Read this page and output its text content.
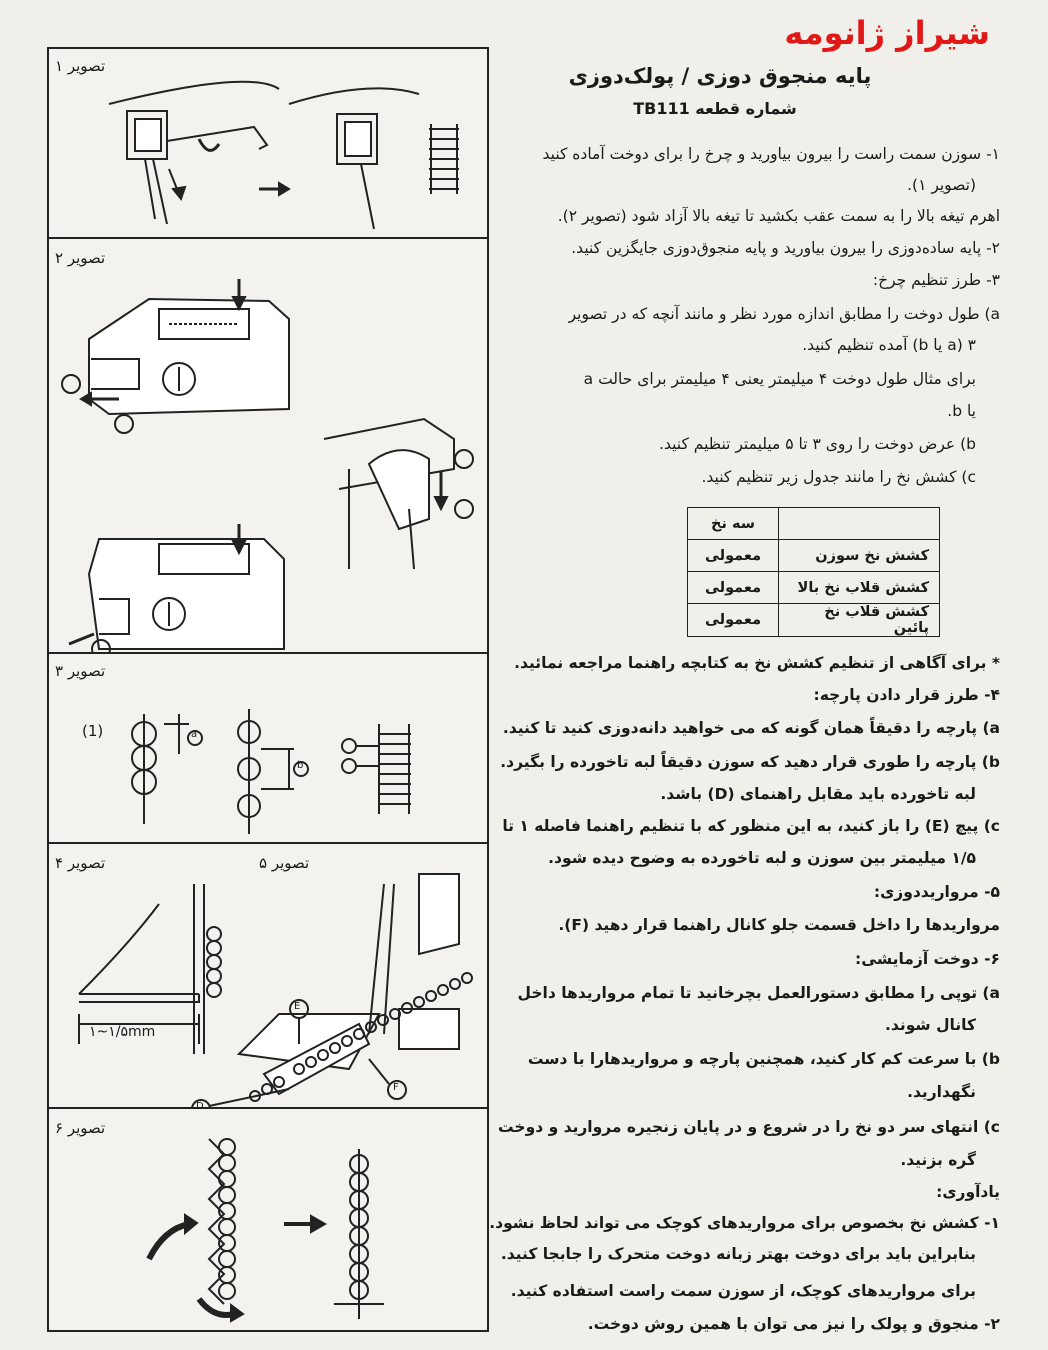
تصویر ۱
تصویر ۲
تصویر ۳
(1)	a
b
تصویر ۴	تصویر ۵
۱~۱/۵mm
E
D
F
تصویر ۶
شیراز ژانومه
پایه منجوق دوزی / پولک‌دوزی
شماره قطعه TB111
۱- سوزن سمت راست را بیرون بیاورید و چرخ را برای دوخت آماده کنید
(تصویر ۱).
اهرم تیغه بالا را به سمت عقب بکشید تا تیغه بالا آزاد شود (تصویر ۲).
۲- پایه ساده‌دوزی را بیرون بیاورید و پایه منجوق‌دوزی جایگزین کنید.
۳- طرز تنظیم چرخ:
a) طول دوخت را مطابق اندازه مورد نظر و مانند آنچه که در تصویر
۳ (a یا b) آمده تنظیم کنید.
برای مثال طول دوخت ۴ میلیمتر یعنی ۴ میلیمتر برای حالت a
یا b.
b) عرض دوخت را روی ۳ تا ۵ میلیمتر تنظیم کنید.
c) کشش نخ را مانند جدول زیر تنظیم کنید.
	سه نخ
کشش نخ سوزن	معمولی
کشش قلاب نخ بالا	معمولی
کشش قلاب نخ پائین	معمولی
* برای آگاهی از تنظیم کشش نخ به کتابچه راهنما مراجعه نمائید.
۴- طرز قرار دادن پارچه:
a) پارچه را دقیقاً همان گونه که می خواهید دانه‌دوزی کنید تا کنید.
b) پارچه را طوری قرار دهید که سوزن دقیقاً لبه تاخورده را بگیرد.
لبه تاخورده باید مقابل راهنمای (D) باشد.
c) پیچ (E) را باز کنید، به این منظور که با تنظیم راهنما فاصله ۱ تا
۱/۵ میلیمتر بین سوزن و لبه تاخورده به وضوح دیده شود.
۵- مرواریددوزی:
مرواریدها را داخل قسمت جلو کانال راهنما قرار دهید (F).
۶- دوخت آزمایشی:
a) توپی را مطابق دستورالعمل بچرخانید تا تمام مرواریدها داخل
کانال شوند.
b) با سرعت کم کار کنید، همچنین پارچه و مرواریدهارا با دست
نگهدارید.
c) انتهای سر دو نخ را در شروع و در پایان زنجیره مروارید و دوخت
گره بزنید.
یادآوری:
۱- کشش نخ بخصوص برای مرواریدهای کوچک می تواند لحاظ نشود.
بنابراین باید برای دوخت بهتر زبانه دوخت متحرک را جابجا کنید.
برای مرواریدهای کوچک، از سوزن سمت راست استفاده کنید.
۲- منجوق و پولک را نیز می توان با همین روش دوخت.
